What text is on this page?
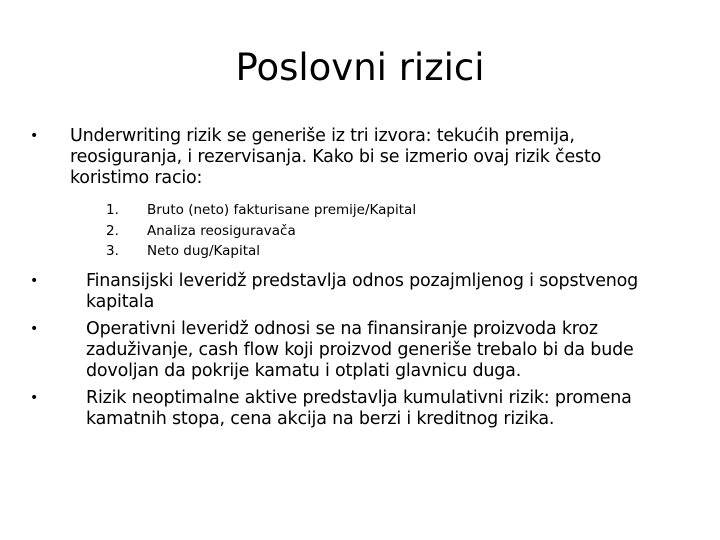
Poslovni rizici
• Underwriting rizik se generiše iz tri izvora: tekućih premija, reosiguranja, i rezervisanja. Kako bi se izmerio ovaj rizik često koristimo racio:
1.	Bruto (neto) fakturisane premije/Kapital
2.	Analiza reosiguravača
3.	Neto dug/Kapital
•	Finansijski leveridž predstavlja odnos pozajmljenog i sopstvenog kapitala
•	Operativni leveridž odnosi se na finansiranje proizvoda kroz zaduživanje, cash flow koji proizvod generiše trebalo bi da bude dovoljan da pokrije kamatu i otplati glavnicu duga.
•	Rizik neoptimalne aktive predstavlja kumulativni rizik: promena kamatnih stopa, cena akcija na berzi i kreditnog rizika.
